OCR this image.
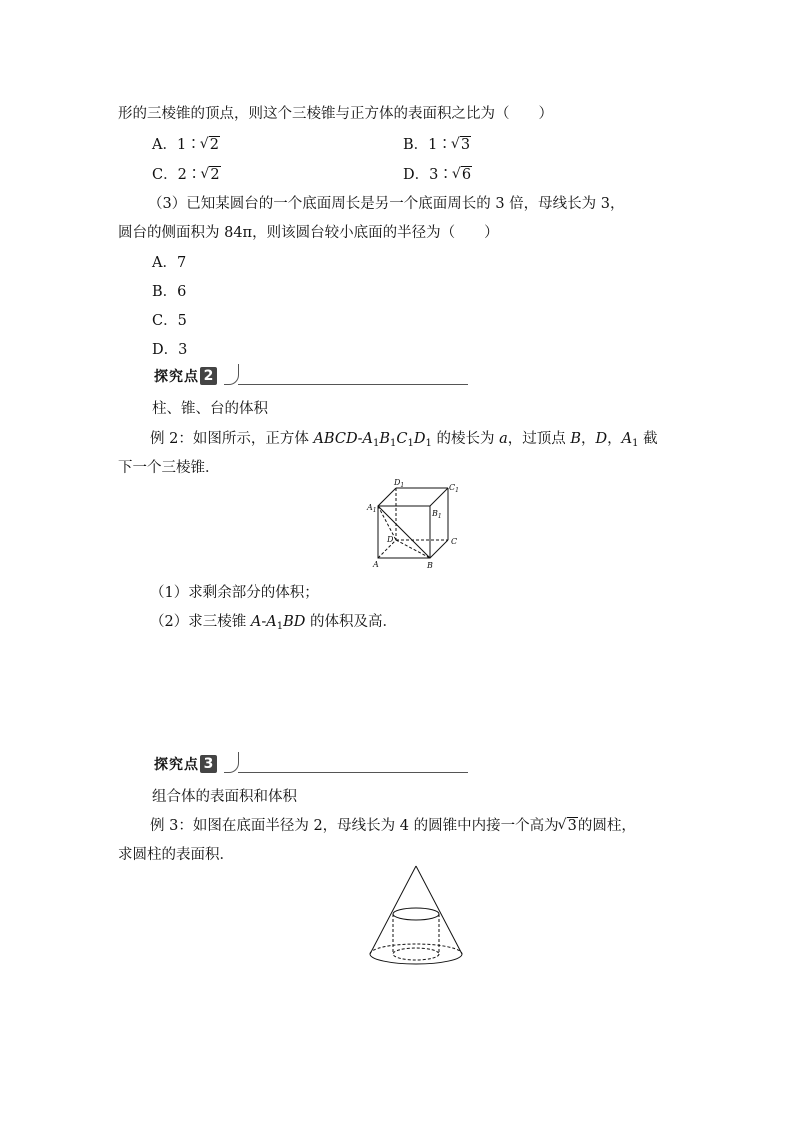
形的三棱锥的顶点，则这个三棱锥与正方体的表面积之比为（　　）
A．1∶ √ 2	B．1∶ √ 3
C．2∶ √ 2	D．3∶ √ 6
（3）已知某圆台的一个底面周长是另一个底面周长的 3 倍，母线长为 3，
圆台的侧面积为 84π，则该圆台较小底面的半径为（　　）
A．7
B．6
C．5
D．3
探究点 2
柱、锥、台的体积
例 2：如图所示，正方体 ABCD-$A_1B_1C_1D_1$ 的棱长为 a，过顶点 B，D，$A_1$ 截
下一个三棱锥．
$D_1$	$C_1$
$A_1$	$B_1$
D	C
A	B
（1）求剩余部分的体积；
（2）求三棱锥 $A-A_1BD$ 的体积及高．
探究点 3
组合体的表面积和体积
例 3：如图在底面半径为 2，母线长为 4 的圆锥中内接一个高为 √ 3的圆柱，
求圆柱的表面积．
